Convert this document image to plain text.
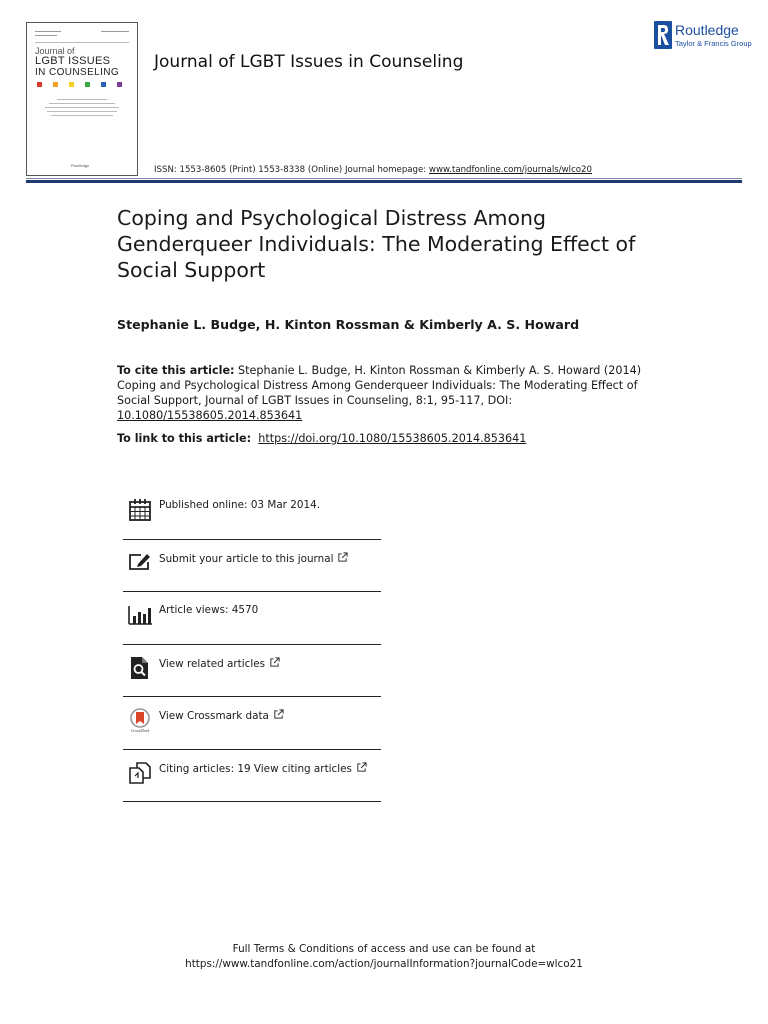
Journal of
LGBT ISSUES
IN COUNSELING
Routledge
Journal of LGBT Issues in Counseling
Routledge
Taylor & Francis Group
ISSN: 1553-8605 (Print) 1553-8338 (Online) Journal homepage: www.tandfonline.com/journals/wlco20
Coping and Psychological Distress Among Genderqueer Individuals: The Moderating Effect of Social Support
Stephanie L. Budge, H. Kinton Rossman & Kimberly A. S. Howard
To cite this article: Stephanie L. Budge, H. Kinton Rossman & Kimberly A. S. Howard (2014) Coping and Psychological Distress Among Genderqueer Individuals: The Moderating Effect of Social Support, Journal of LGBT Issues in Counseling, 8:1, 95-117, DOI: 10.1080/15538605.2014.853641
To link to this article: https://doi.org/10.1080/15538605.2014.853641
Published online: 03 Mar 2014.
Submit your article to this journal
Article views: 4570
View related articles
CrossMark
View Crossmark data
Citing articles: 19 View citing articles
Full Terms & Conditions of access and use can be found at
https://www.tandfonline.com/action/journalInformation?journalCode=wlco21
